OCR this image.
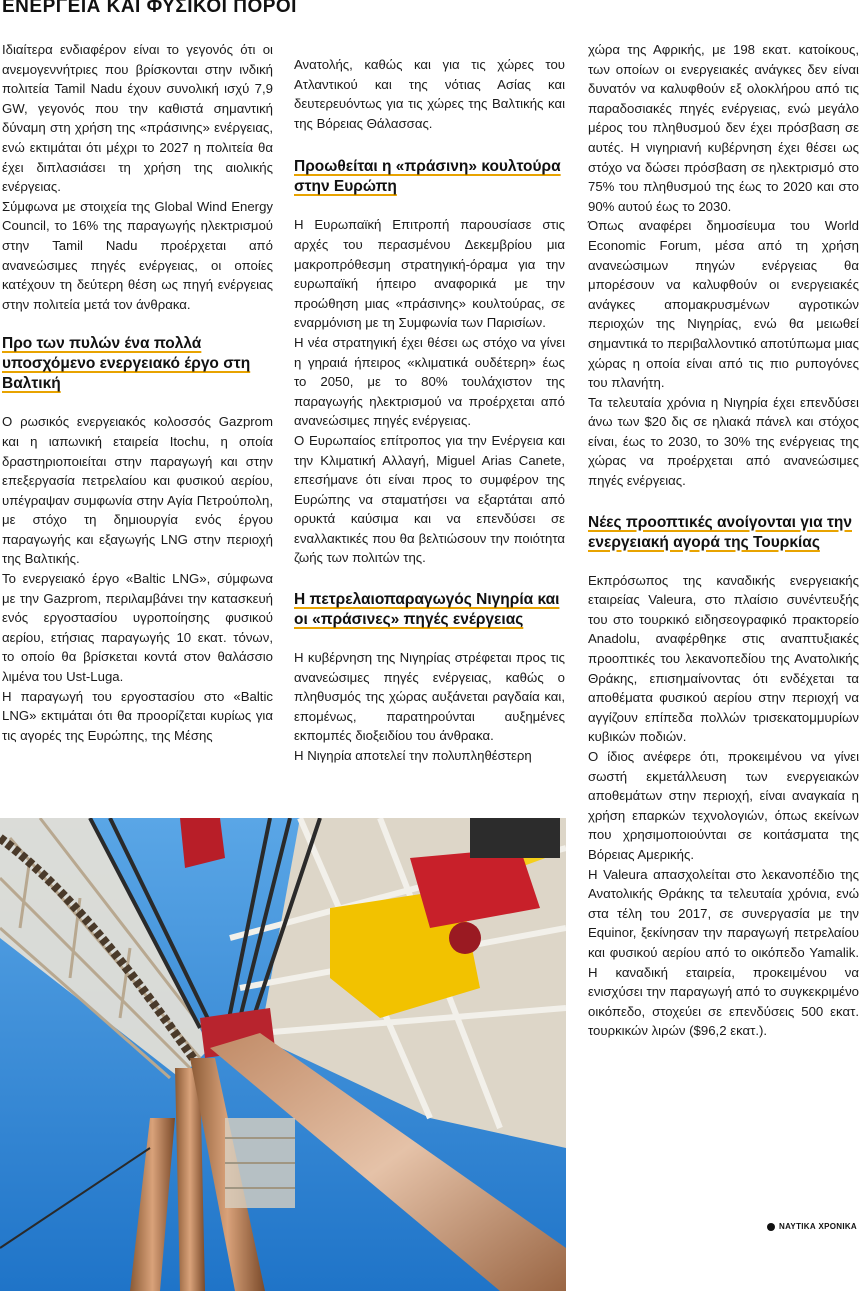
ΕΝΕΡΓΕΙΑ ΚΑΙ ΦΥΣΙΚΟΙ ΠΟΡΟΙ

Ιδιαίτερα ενδιαφέρον είναι το γεγονός ότι οι ανεμογεννήτριες που βρίσκονται στην ινδική πολιτεία Tamil Nadu έχουν συνολική ισχύ 7,9 GW, γεγονός που την καθιστά σημαντική δύναμη στη χρήση της «πράσινης» ενέργειας, ενώ εκτιμάται ότι μέχρι το 2027 η πολιτεία θα έχει διπλασιάσει τη χρήση της αιολικής ενέργειας.

Σύμφωνα με στοιχεία της Global Wind Energy Council, το 16% της παραγωγής ηλεκτρισμού στην Tamil Nadu προέρχεται από ανανεώσιμες πηγές ενέργειας, οι οποίες κατέχουν τη δεύτερη θέση ως πηγή ενέργειας στην πολιτεία μετά τον άνθρακα.

Προ των πυλών ένα πολλά υποσχόμενο ενεργειακό έργο στη Βαλτική

Ο ρωσικός ενεργειακός κολοσσός Gazprom και η ιαπωνική εταιρεία Itochu, η οποία δραστηριοποιείται στην παραγωγή και στην επεξεργασία πετρελαίου και φυσικού αερίου, υπέγραψαν συμφωνία στην Αγία Πετρούπολη, με στόχο τη δημιουργία ενός έργου παραγωγής και εξαγωγής LNG στην περιοχή της Βαλτικής.

Το ενεργειακό έργο «Baltic LNG», σύμφωνα με την Gazprom, περιλαμβάνει την κατασκευή ενός εργοστασίου υγροποίησης φυσικού αερίου, ετήσιας παραγωγής 10 εκατ. τόνων, το οποίο θα βρίσκεται κοντά στον θαλάσσιο λιμένα του Ust-Luga.

Η παραγωγή του εργοστασίου στο «Baltic LNG» εκτιμάται ότι θα προορίζεται κυρίως για τις αγορές της Ευρώπης, της Μέσης

Ανατολής, καθώς και για τις χώρες του Ατλαντικού και της νότιας Ασίας και δευτερευόντως για τις χώρες της Βαλτικής και της Βόρειας Θάλασσας.

Προωθείται η «πράσινη» κουλτούρα στην Ευρώπη

Η Ευρωπαϊκή Επιτροπή παρουσίασε στις αρχές του περασμένου Δεκεμβρίου μια μακροπρόθεσμη στρατηγική-όραμα για την ευρωπαϊκή ήπειρο αναφορικά με την προώθηση μιας «πράσινης» κουλτούρας, σε εναρμόνιση με τη Συμφωνία των Παρισίων.

Η νέα στρατηγική έχει θέσει ως στόχο να γίνει η γηραιά ήπειρος «κλιματικά ουδέτερη» έως το 2050, με το 80% τουλάχιστον της παραγωγής ηλεκτρισμού να προέρχεται από ανανεώσιμες πηγές ενέργειας.

Ο Ευρωπαίος επίτροπος για την Ενέργεια και την Κλιματική Αλλαγή, Miguel Arias Canete, επεσήμανε ότι είναι προς το συμφέρον της Ευρώπης να σταματήσει να εξαρτάται από ορυκτά καύσιμα και να επενδύσει σε εναλλακτικές που θα βελτιώσουν την ποιότητα ζωής των πολιτών της.

Η πετρελαιοπαραγωγός Νιγηρία και οι «πράσινες» πηγές ενέργειας

Η κυβέρνηση της Νιγηρίας στρέφεται προς τις ανανεώσιμες πηγές ενέργειας, καθώς ο πληθυσμός της χώρας αυξάνεται ραγδαία και, επομένως, παρατηρούνται αυξημένες εκπομπές διοξειδίου του άνθρακα.

Η Νιγηρία αποτελεί την πολυπληθέστερη

χώρα της Αφρικής, με 198 εκατ. κατοίκους, των οποίων οι ενεργειακές ανάγκες δεν είναι δυνατόν να καλυφθούν εξ ολοκλήρου από τις παραδοσιακές πηγές ενέργειας, ενώ μεγάλο μέρος του πληθυσμού δεν έχει πρόσβαση σε αυτές. Η νιγηριανή κυβέρνηση έχει θέσει ως στόχο να δώσει πρόσβαση σε ηλεκτρισμό στο 75% του πληθυσμού της έως το 2020 και στο 90% αυτού έως το 2030.

Όπως αναφέρει δημοσίευμα του World Economic Forum, μέσα από τη χρήση ανανεώσιμων πηγών ενέργειας θα μπορέσουν να καλυφθούν οι ενεργειακές ανάγκες απομακρυσμένων αγροτικών περιοχών της Νιγηρίας, ενώ θα μειωθεί σημαντικά το περιβαλλοντικό αποτύπωμα μιας χώρας η οποία είναι από τις πιο ρυπογόνες του πλανήτη.

Τα τελευταία χρόνια η Νιγηρία έχει επενδύσει άνω των $20 δις σε ηλιακά πάνελ και στόχος είναι, έως το 2030, το 30% της ενέργειας της χώρας να προέρχεται από ανανεώσιμες πηγές ενέργειας.

Νέες προοπτικές ανοίγονται για την ενεργειακή αγορά της Τουρκίας

Εκπρόσωπος της καναδικής ενεργειακής εταιρείας Valeura, στο πλαίσιο συνέντευξής του στο τουρκικό ειδησεογραφικό πρακτορείο Anadolu, αναφέρθηκε στις αναπτυξιακές προοπτικές του λεκανοπεδίου της Ανατολικής Θράκης, επισημαίνοντας ότι ενδέχεται τα αποθέματα φυσικού αερίου στην περιοχή να αγγίζουν επίπεδα πολλών τρισεκατομμυρίων κυβικών ποδιών.

Ο ίδιος ανέφερε ότι, προκειμένου να γίνει σωστή εκμετάλλευση των ενεργειακών αποθεμάτων στην περιοχή, είναι αναγκαία η χρήση επαρκών τεχνολογιών, όπως εκείνων που χρησιμοποιούνται σε κοιτάσματα της Βόρειας Αμερικής.

Η Valeura απασχολείται στο λεκανοπέδιο της Ανατολικής Θράκης τα τελευταία χρόνια, ενώ στα τέλη του 2017, σε συνεργασία με την Equinor, ξεκίνησαν την παραγωγή πετρελαίου και φυσικού αερίου από το οικόπεδο Yamalik. Η καναδική εταιρεία, προκειμένου να ενισχύσει την παραγωγή από το συγκεκριμένο οικόπεδο, στοχεύει σε επενδύσεις 500 εκατ. τουρκικών λιρών ($96,2 εκατ.).

ΝΑΥΤΙΚΑ ΧΡΟΝΙΚΑ
